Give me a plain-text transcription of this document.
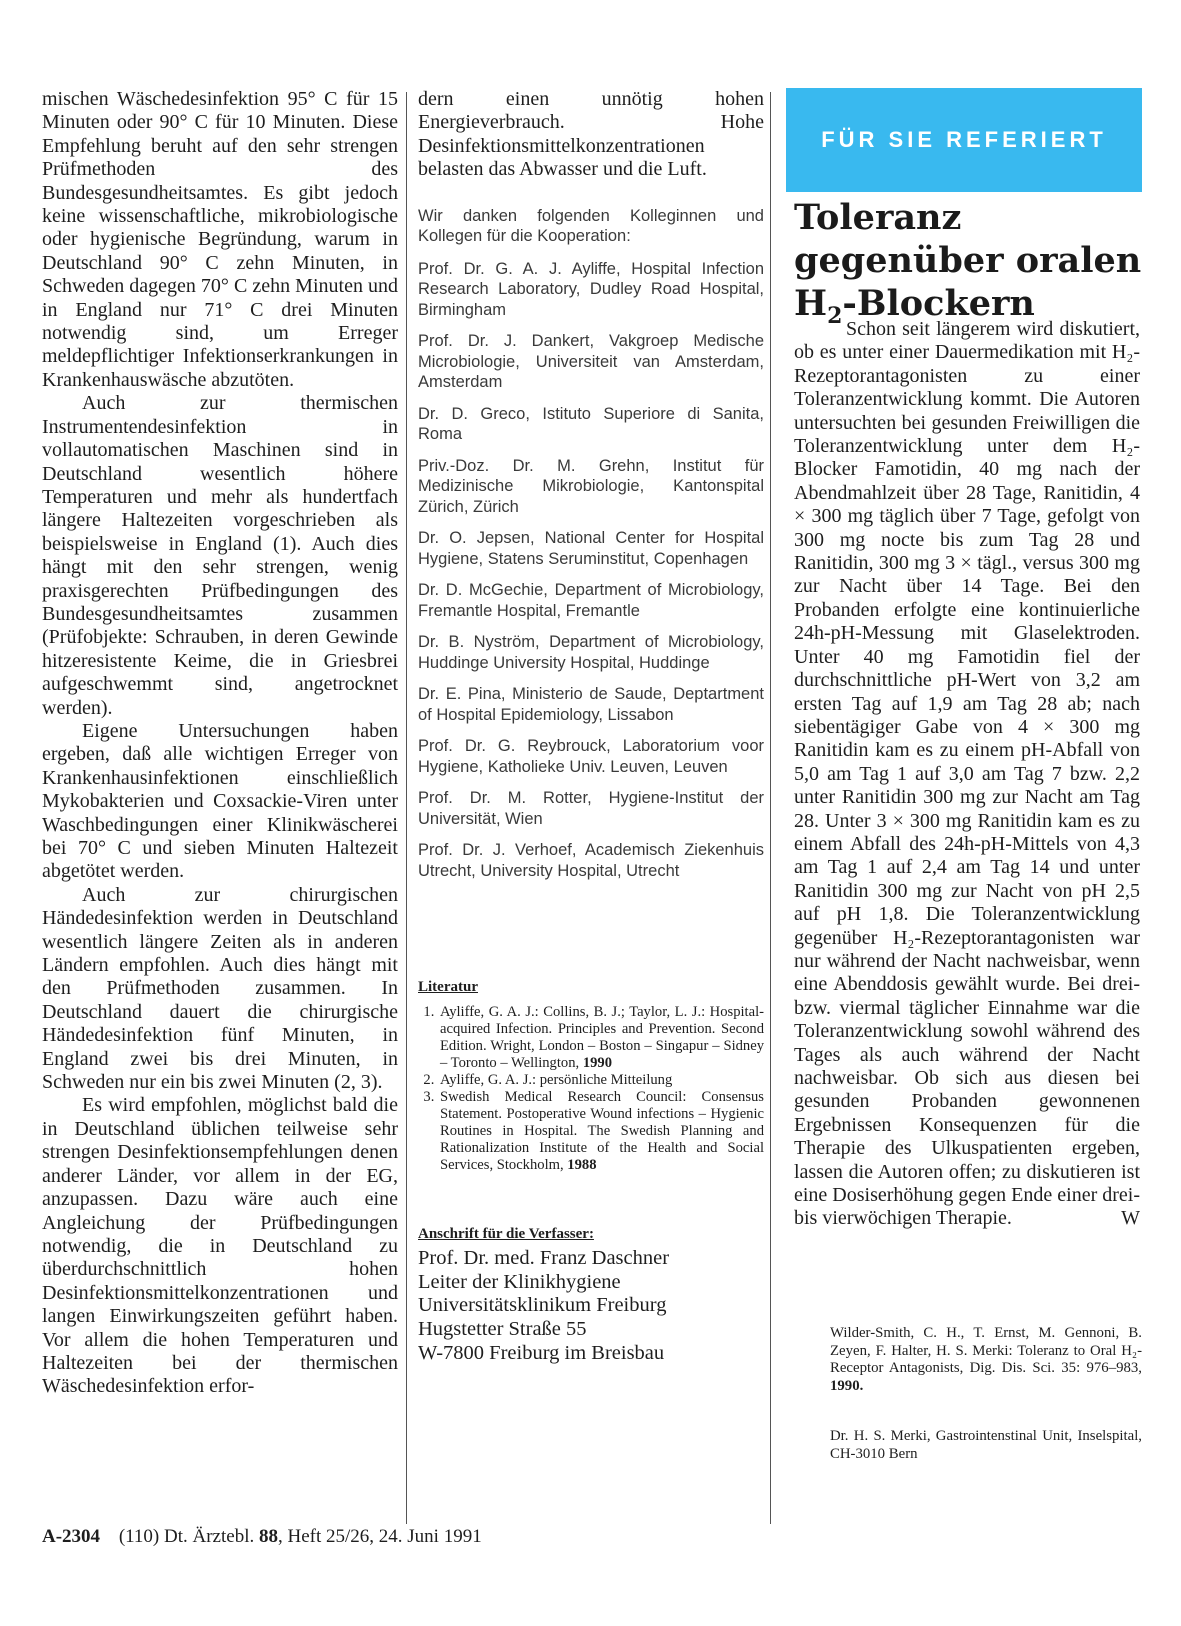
mischen Wäschedesinfektion 95° C für 15 Minuten oder 90° C für 10 Minuten. Diese Empfehlung beruht auf den sehr strengen Prüfmethoden des Bundesgesundheitsamtes. Es gibt jedoch keine wissenschaftliche, mikrobiologische oder hygienische Begründung, warum in Deutschland 90° C zehn Minuten, in Schweden dagegen 70° C zehn Minuten und in England nur 71° C drei Minuten notwendig sind, um Erreger meldepflichtiger Infektionserkrankungen in Krankenhauswäsche abzutöten.

Auch zur thermischen Instrumentendesinfektion in vollautomatischen Maschinen sind in Deutschland wesentlich höhere Temperaturen und mehr als hundertfach längere Haltezeiten vorgeschrieben als beispielsweise in England (1). Auch dies hängt mit den sehr strengen, wenig praxisgerechten Prüfbedingungen des Bundesgesundheitsamtes zusammen (Prüfobjekte: Schrauben, in deren Gewinde hitzeresistente Keime, die in Griesbrei aufgeschwemmt sind, angetrocknet werden).

Eigene Untersuchungen haben ergeben, daß alle wichtigen Erreger von Krankenhausinfektionen einschließlich Mykobakterien und Coxsackie-Viren unter Waschbedingungen einer Klinikwäscherei bei 70° C und sieben Minuten Haltezeit abgetötet werden.

Auch zur chirurgischen Händedesinfektion werden in Deutschland wesentlich längere Zeiten als in anderen Ländern empfohlen. Auch dies hängt mit den Prüfmethoden zusammen. In Deutschland dauert die chirurgische Händedesinfektion fünf Minuten, in England zwei bis drei Minuten, in Schweden nur ein bis zwei Minuten (2, 3).

Es wird empfohlen, möglichst bald die in Deutschland üblichen teilweise sehr strengen Desinfektionsempfehlungen denen anderer Länder, vor allem in der EG, anzupassen. Dazu wäre auch eine Angleichung der Prüfbedingungen notwendig, die in Deutschland zu überdurchschnittlich hohen Desinfektionsmittelkonzentrationen und langen Einwirkungszeiten geführt haben. Vor allem die hohen Temperaturen und Haltezeiten bei der thermischen Wäschedesinfektion erfor-

dern einen unnötig hohen Energieverbrauch. Hohe Desinfektionsmittelkonzentrationen belasten das Abwasser und die Luft.

Wir danken folgenden Kolleginnen und Kollegen für die Kooperation:

Prof. Dr. G. A. J. Ayliffe, Hospital Infection Research Laboratory, Dudley Road Hospital, Birmingham

Prof. Dr. J. Dankert, Vakgroep Medische Microbiologie, Universiteit van Amsterdam, Amsterdam

Dr. D. Greco, Istituto Superiore di Sanita, Roma

Priv.-Doz. Dr. M. Grehn, Institut für Medizinische Mikrobiologie, Kantonspital Zürich, Zürich

Dr. O. Jepsen, National Center for Hospital Hygiene, Statens Seruminstitut, Copenhagen

Dr. D. McGechie, Department of Microbiology, Fremantle Hospital, Fremantle

Dr. B. Nyström, Department of Microbiology, Huddinge University Hospital, Huddinge

Dr. E. Pina, Ministerio de Saude, Deptartment of Hospital Epidemiology, Lissabon

Prof. Dr. G. Reybrouck, Laboratorium voor Hygiene, Katholieke Univ. Leuven, Leuven

Prof. Dr. M. Rotter, Hygiene-Institut der Universität, Wien

Prof. Dr. J. Verhoef, Academisch Ziekenhuis Utrecht, University Hospital, Utrecht

Literatur
1. Ayliffe, G. A. J.: Collins, B. J.; Taylor, L. J.: Hospital-acquired Infection. Principles and Prevention. Second Edition. Wright, London – Boston – Singapur – Sidney – Toronto – Wellington, 1990
2. Ayliffe, G. A. J.: persönliche Mitteilung
3. Swedish Medical Research Council: Consensus Statement. Postoperative Wound infections – Hygienic Routines in Hospital. The Swedish Planning and Rationalization Institute of the Health and Social Services, Stockholm, 1988
Anschrift für die Verfasser:

Prof. Dr. med. Franz Daschner

Leiter der Klinikhygiene

Universitätsklinikum Freiburg

Hugstetter Straße 55

W-7800 Freiburg im Breisbau

FÜR SIE REFERIERT
Toleranz
gegenüber oralen
$H_2$-Blockern

Schon seit längerem wird diskutiert, ob es unter einer Dauermedikation mit H₂-Rezeptorantagonisten zu einer Toleranzentwicklung kommt. Die Autoren untersuchten bei gesunden Freiwilligen die Toleranzentwicklung unter dem H₂-Blocker Famotidin, 40 mg nach der Abendmahlzeit über 28 Tage, Ranitidin, 4 × 300 mg täglich über 7 Tage, gefolgt von 300 mg nocte bis zum Tag 28 und Ranitidin, 300 mg 3 × tägl., versus 300 mg zur Nacht über 14 Tage. Bei den Probanden erfolgte eine kontinuierliche 24h-pH-Messung mit Glaselektroden. Unter 40 mg Famotidin fiel der durchschnittliche pH-Wert von 3,2 am ersten Tag auf 1,9 am Tag 28 ab; nach siebentägiger Gabe von 4 × 300 mg Ranitidin kam es zu einem pH-Abfall von 5,0 am Tag 1 auf 3,0 am Tag 7 bzw. 2,2 unter Ranitidin 300 mg zur Nacht am Tag 28. Unter 3 × 300 mg Ranitidin kam es zu einem Abfall des 24h-pH-Mittels von 4,3 am Tag 1 auf 2,4 am Tag 14 und unter Ranitidin 300 mg zur Nacht von pH 2,5 auf pH 1,8. Die Toleranzentwicklung gegenüber H₂-Rezeptorantagonisten war nur während der Nacht nachweisbar, wenn eine Abenddosis gewählt wurde. Bei drei- bzw. viermal täglicher Einnahme war die Toleranzentwicklung sowohl während des Tages als auch während der Nacht nachweisbar. Ob sich aus diesen bei gesunden Probanden gewonnenen Ergebnissen Konsequenzen für die Therapie des Ulkuspatienten ergeben, lassen die Autoren offen; zu diskutieren ist eine Dosiserhöhung gegen Ende einer drei- bis vierwöchigen Therapie.	W

Wilder-Smith, C. H., T. Ernst, M. Gennoni, B. Zeyen, F. Halter, H. S. Merki: Toleranz to Oral H₂-Receptor Antagonists, Dig. Dis. Sci. 35: 976–983, 1990.
Dr. H. S. Merki, Gastrointenstinal Unit, Inselspital, CH-3010 Bern
A-2304 (110) Dt. Ärztebl. 88, Heft 25/26, 24. Juni 1991
